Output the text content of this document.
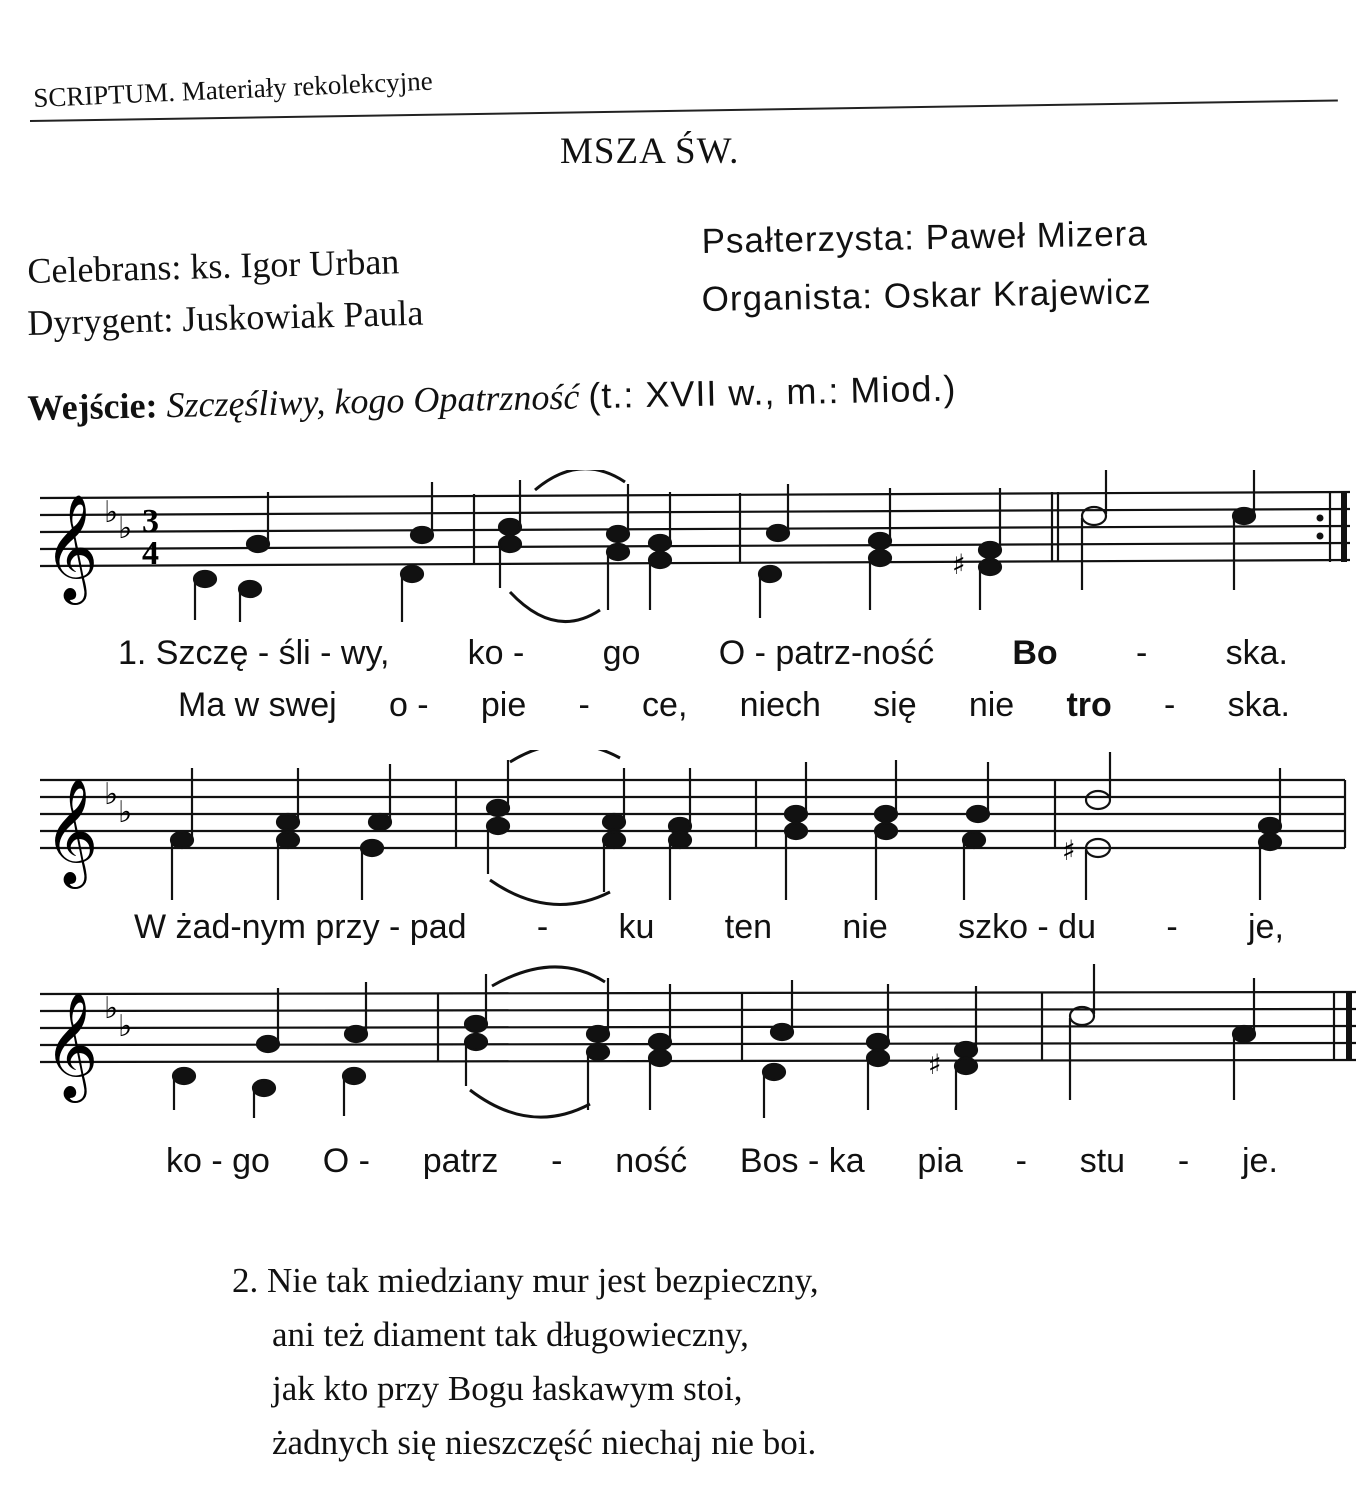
SCRIPTUM. Materiały rekolekcyjne
MSZA ŚW.
Celebrans: ks. Igor Urban
Dyrygent: Juskowiak Paula
Psałterzysta: Paweł Mizera
Organista: Oskar Krajewicz
Wejście: Szczęśliwy, kogo Opatrzność (t.: XVII w., m.: Miod.)
𝄞 ♭ ♭ 3
4	♯
1. Szczę - śli - wy, ko - go O - patrz-ność Bo - ska.
Ma w swej o - pie - ce, niech się nie tro - ska.
𝄞 ♭
♭
♯
W żad-nym przy - pad - ku ten nie szko - du - je,
𝄞 ♭
♭
♯
ko - go O - patrz - ność Bos - ka pia - stu - je.
2. Nie tak miedziany mur jest bezpieczny,
ani też diament tak długowieczny,
jak kto przy Bogu łaskawym stoi,
żadnych się nieszczęść niechaj nie boi.
